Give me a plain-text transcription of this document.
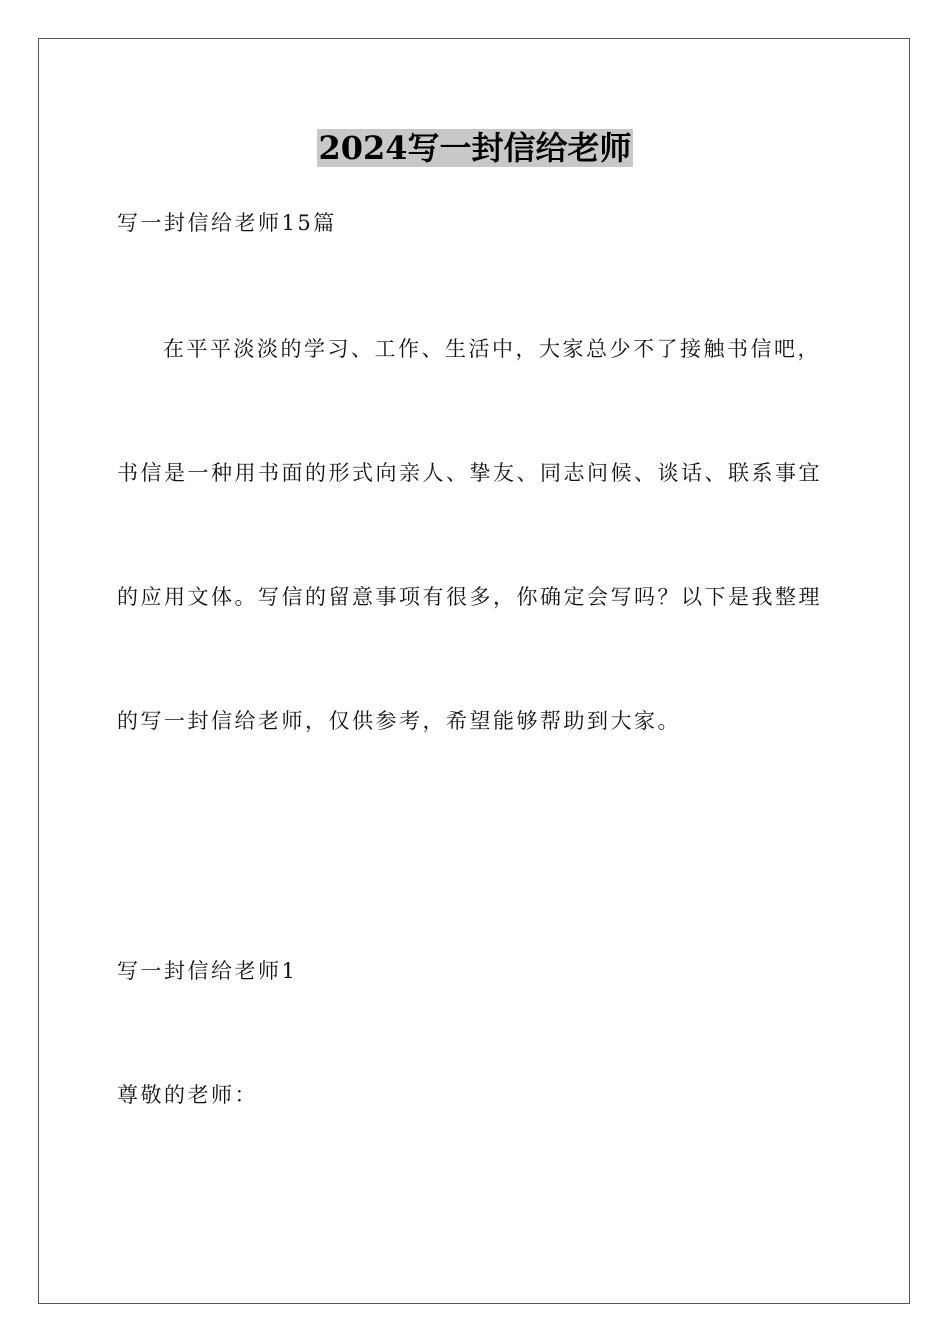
2024写一封信给老师
写一封信给老师15篇
在平平淡淡的学习、工作、生活中，大家总少不了接触书信吧，
书信是一种用书面的形式向亲人、挚友、同志问候、谈话、联系事宜
的应用文体。写信的留意事项有很多，你确定会写吗？以下是我整理
的写一封信给老师，仅供参考，希望能够帮助到大家。
写一封信给老师1
尊敬的老师：
